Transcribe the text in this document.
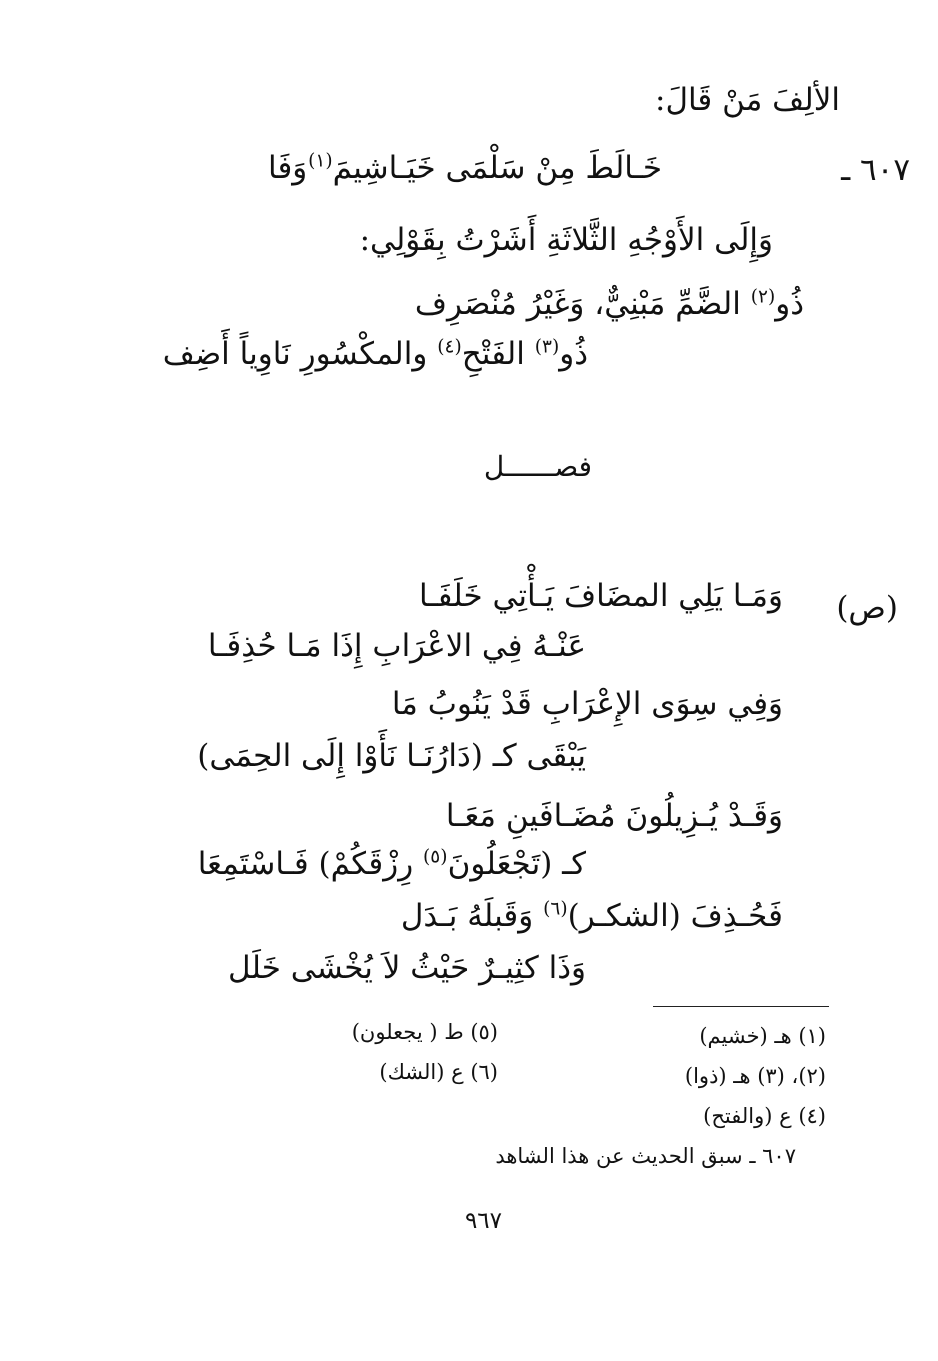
الألِفَ مَنْ قَالَ:
٦٠٧ ـ
خَـالَطَ مِنْ سَلْمَى خَيَـاشِيمَ$^{(١)}$
وَفَا
وَإِلَى الأَوْجُهِ الثَّلاثَةِ أَشَرْتُ بِقَوْلِي:
ذُو$^{(٢)}$ الضَّمِّ مَبْنِيٌّ، وَغَيْرُ مُنْصَرِف
ذُو$^{(٣)}$ الفَتْحِ$^{(٤)}$ والمكْسُورِ نَاوِياً أَضِف
فصــــــل
(ص)
وَمَـا يَلِي المضَافَ يَـأْتِي خَلَفَـا
عَنْـهُ فِي الاعْرَابِ إِذَا مَـا حُذِفَـا
وَفِي سِوَى الإِعْرَابِ قَدْ يَنُوبُ مَا
يَبْقَى كـ (دَارُنَـا نَأَوْا إِلَى الحِمَى)
وَقَـدْ يُـزِيلُونَ مُضَـافَينِ مَعَـا
كـ (تَجْعَلُونَ$^{(٥)}$ رِزْقَكُمْ) فَـاسْتَمِعَا
فَحُـذِفَ (الشكـر)$^{(٦)}$ وَقَبلَهُ بَـدَل
وَذَا كثِيـرٌ حَيْثُ لاَ يُخْشَى خَلَل
(١) هـ (خشيم)
(٥) ط ( يجعلون)
(٢)، (٣) هـ (ذوا)
(٦) ع (الشك)
(٤) ع (والفتح)
٦٠٧ ـ سبق الحديث عن هذا الشاهد
٩٦٧
